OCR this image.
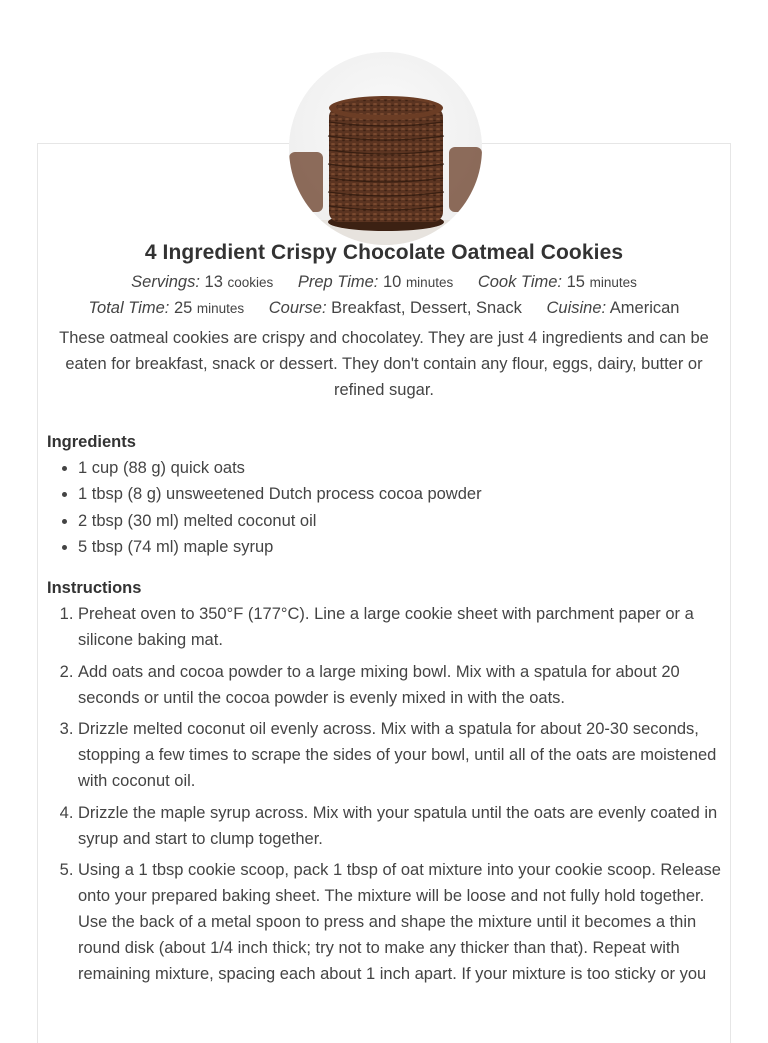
4 Ingredient Crispy Chocolate Oatmeal Cookies
Servings: 13 cookies Prep Time: 10 minutes Cook Time: 15 minutes
Total Time: 25 minutes Course: Breakfast, Dessert, Snack Cuisine: American
These oatmeal cookies are crispy and chocolatey. They are just 4 ingredients and can be eaten for breakfast, snack or dessert. They don't contain any flour, eggs, dairy, butter or refined sugar.
Ingredients
• 1 cup (88 g) quick oats
• 1 tbsp (8 g) unsweetened Dutch process cocoa powder
• 2 tbsp (30 ml) melted coconut oil
• 5 tbsp (74 ml) maple syrup
Instructions
1. Preheat oven to 350°F (177°C). Line a large cookie sheet with parchment paper or a silicone baking mat.
2. Add oats and cocoa powder to a large mixing bowl. Mix with a spatula for about 20 seconds or until the cocoa powder is evenly mixed in with the oats.
3. Drizzle melted coconut oil evenly across. Mix with a spatula for about 20-30 seconds, stopping a few times to scrape the sides of your bowl, until all of the oats are moistened with coconut oil.
4. Drizzle the maple syrup across. Mix with your spatula until the oats are evenly coated in syrup and start to clump together.
5. Using a 1 tbsp cookie scoop, pack 1 tbsp of oat mixture into your cookie scoop. Release onto your prepared baking sheet. The mixture will be loose and not fully hold together. Use the back of a metal spoon to press and shape the mixture until it becomes a thin round disk (about 1/4 inch thick; try not to make any thicker than that). Repeat with remaining mixture, spacing each about 1 inch apart. If your mixture is too sticky or you
